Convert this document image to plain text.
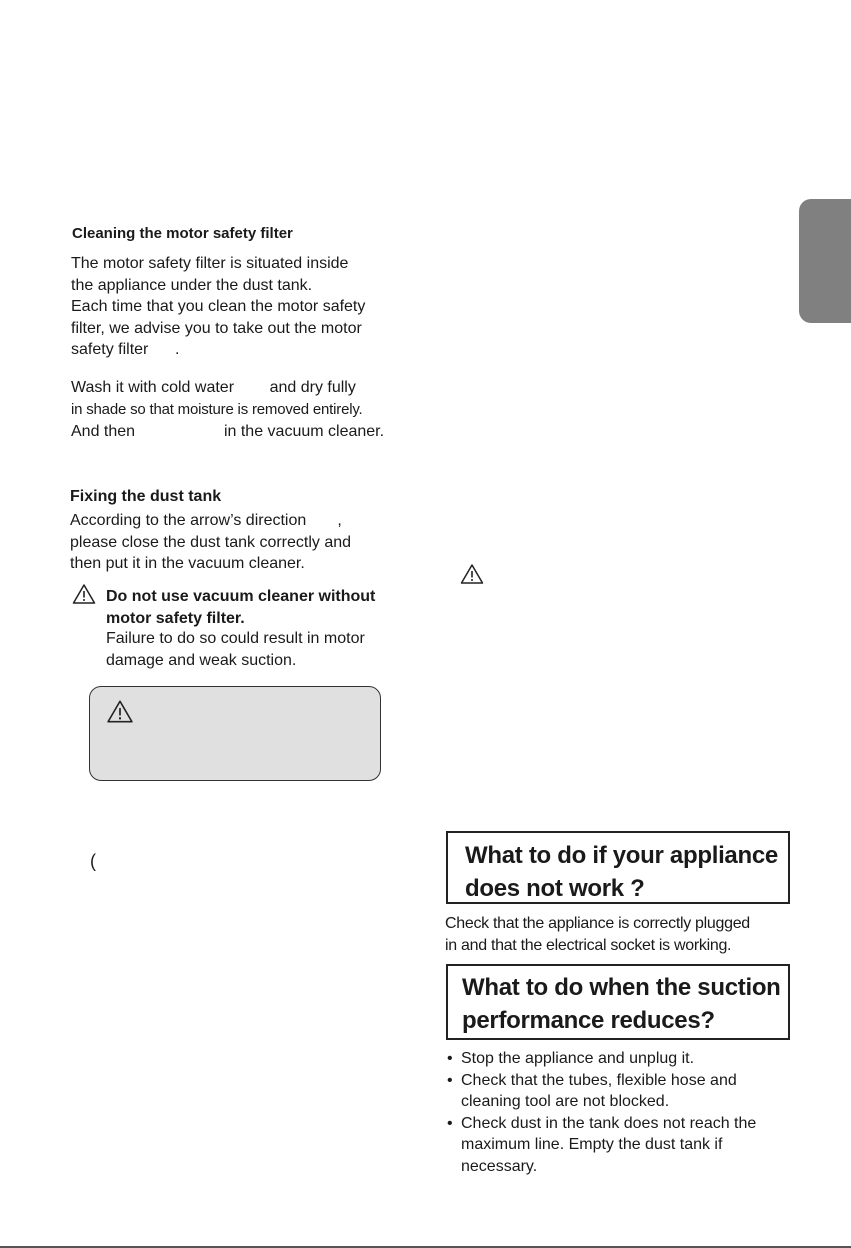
Cleaning the motor safety filter
The motor safety filter is situated inside
the appliance under the dust tank.
Each time that you clean the motor safety
filter, we advise you to take out the motor
safety filter      .
Wash it with cold water        and dry fully
in shade so that moisture is removed entirely.
And then                    in the vacuum cleaner.
Fixing the dust tank
According to the arrow’s direction       ,
please close the dust tank correctly and
then put it in the vacuum cleaner.
Do not use vacuum cleaner without
motor safety filter.
Failure to do so could result in motor
damage and weak suction.
(	What to do if your appliance
does not work ?
Check that the appliance is correctly plugged
in and that the electrical socket is working.
What to do when the suction
performance reduces?
• Stop the appliance and unplug it.
• Check that the tubes, flexible hose and
cleaning tool are not blocked.
• Check dust in the tank does not reach the
maximum line. Empty the dust tank if
necessary.
